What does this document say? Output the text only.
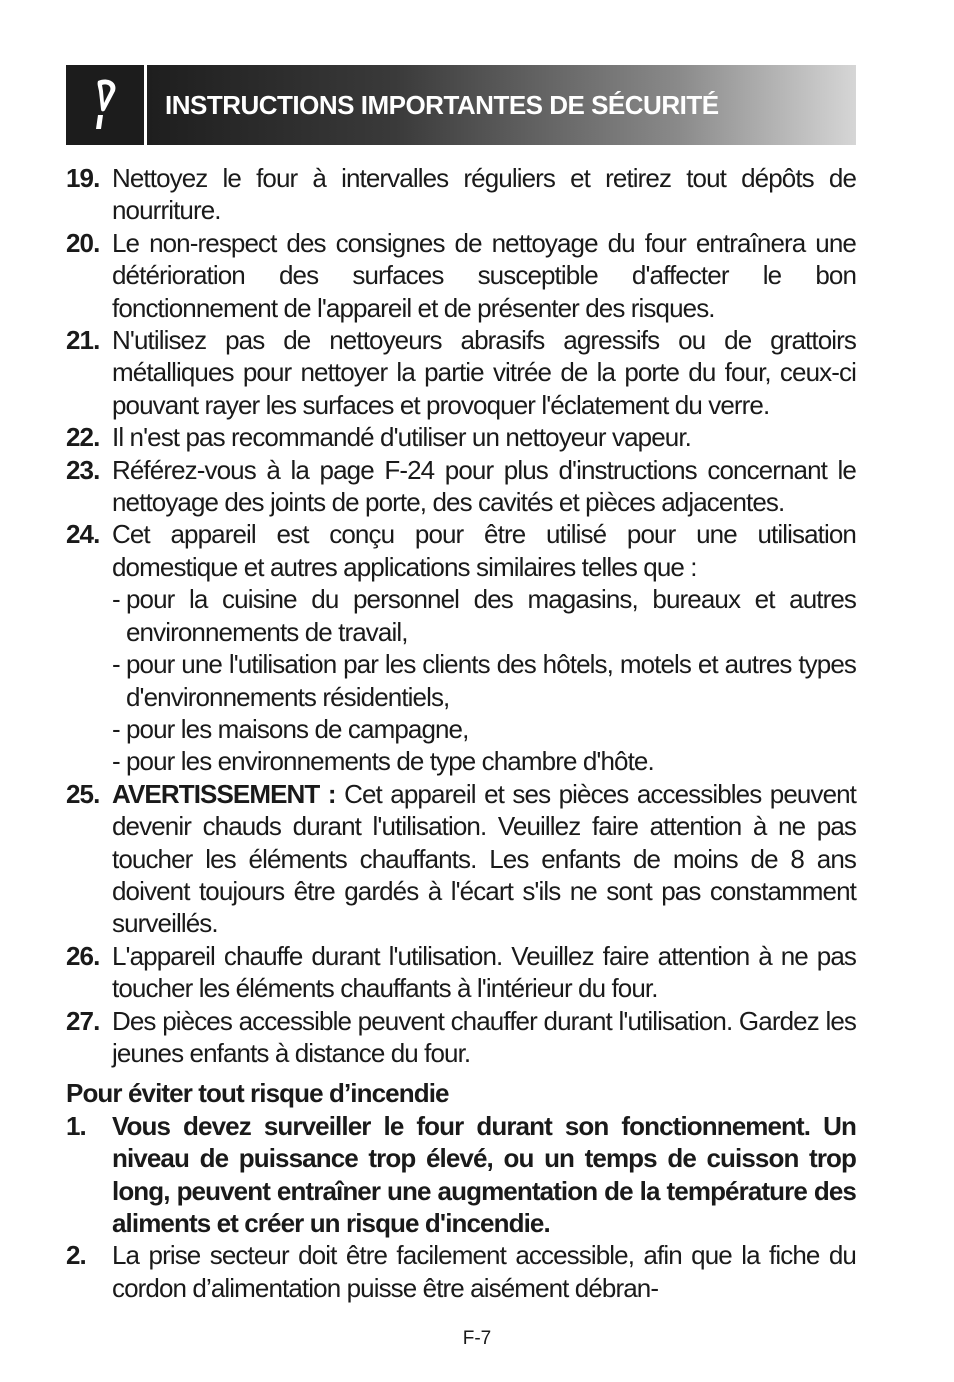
INSTRUCTIONS IMPORTANTES DE SÉCURITÉ
19. Nettoyez le four à intervalles réguliers et retirez tout dépôts de nourriture.
20. Le non-respect des consignes de nettoyage du four entraînera une détérioration des surfaces susceptible d'affecter le bon fonctionnement de l'appareil et de présenter des risques.
21. N'utilisez pas de nettoyeurs abrasifs agressifs ou de grattoirs métalliques pour nettoyer la partie vitrée de la porte du four, ceux-ci pouvant rayer les surfaces et provoquer l'éclatement du verre.
22. Il n'est pas recommandé d'utiliser un nettoyeur vapeur.
23. Référez-vous à la page F-24 pour plus d'instructions concernant le nettoyage des joints de porte, des cavités et pièces adjacentes.
24. Cet appareil est conçu pour être utilisé pour une utilisation domestique et autres applications similaires telles que :
- pour la cuisine du personnel des magasins, bureaux et autres environnements de travail,
- pour une l'utilisation par les clients des hôtels, motels et autres types d'environnements résidentiels,
- pour les maisons de campagne,
- pour les environnements de type chambre d'hôte.
25. AVERTISSEMENT : Cet appareil et ses pièces accessibles peuvent devenir chauds durant l'utilisation. Veuillez faire attention à ne pas toucher les éléments chauffants. Les enfants de moins de 8 ans doivent toujours être gardés à l'écart s'ils ne sont pas constamment surveillés.
26. L'appareil chauffe durant l'utilisation. Veuillez faire attention à ne pas toucher les éléments chauffants à l'intérieur du four.
27. Des pièces accessible peuvent chauffer durant l'utilisation. Gardez les jeunes enfants à distance du four.
Pour éviter tout risque d’incendie
1.	Vous devez surveiller le four durant son fonctionnement. Un niveau de puissance trop élevé, ou un temps de cuisson trop long, peuvent entraîner une augmentation de la température des aliments et créer un risque d'incendie.
2.	La prise secteur doit être facilement accessible, afin que la fiche du cordon d’alimentation puisse être aisément débran-
F-7
